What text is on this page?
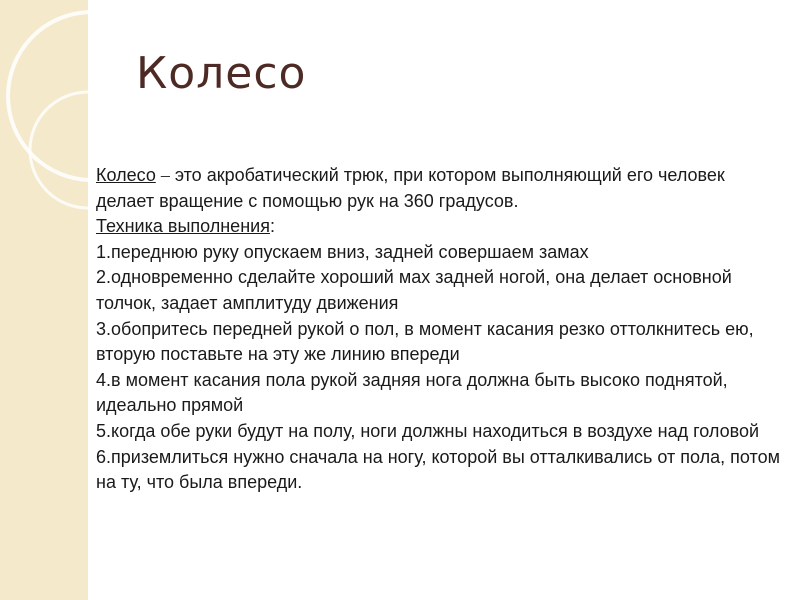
Колесо

Колесо – это акробатический трюк, при котором выполняющий его человек делает вращение с помощью рук на 360 градусов.

Техника выполнения:

1.переднюю руку опускаем вниз, задней совершаем замах

2.одновременно сделайте хороший мах задней ногой, она делает основной толчок, задает амплитуду движения

3.обопритесь передней рукой о пол, в момент касания резко оттолкнитесь ею, вторую поставьте на эту же линию впереди

4.в момент касания пола рукой задняя нога должна быть высоко поднятой, идеально прямой

5.когда обе руки будут на полу, ноги должны находиться в воздухе над головой

6.приземлиться нужно сначала на ногу, которой вы отталкивались от пола, потом на ту, что была впереди.
